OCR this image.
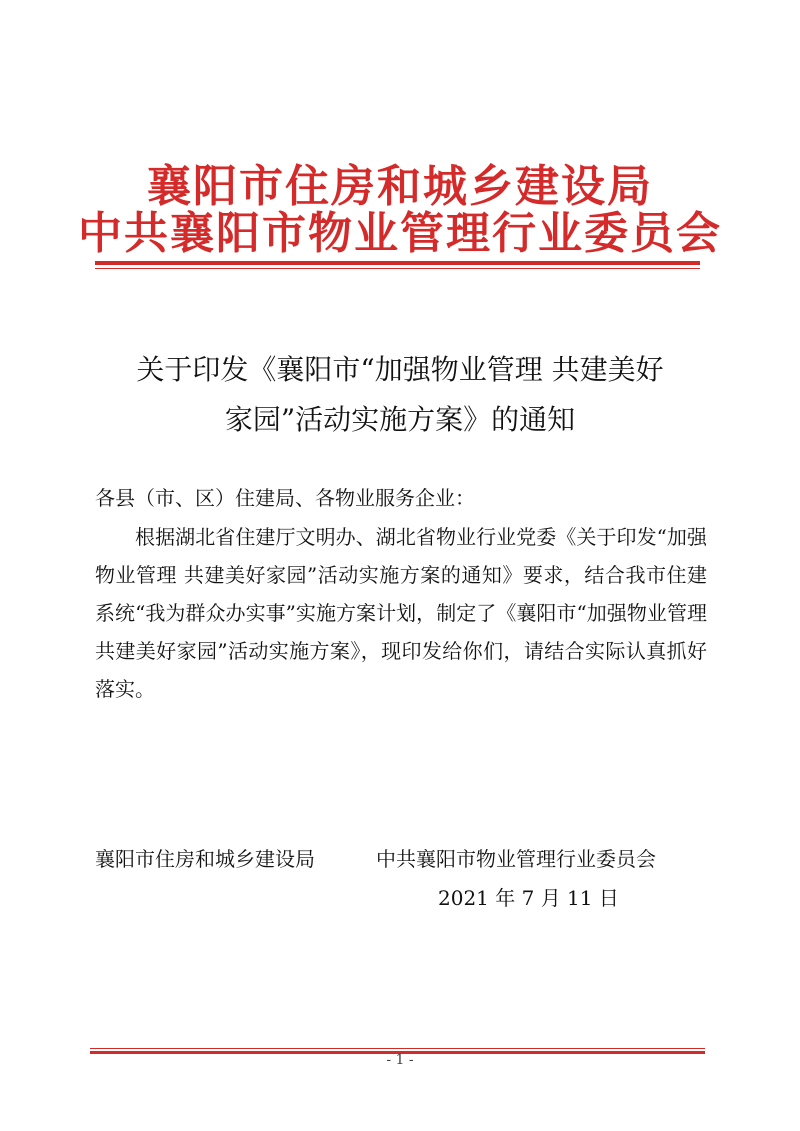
襄阳市住房和城乡建设局
中共襄阳市物业管理行业委员会
关于印发《襄阳市“加强物业管理 共建美好
家园”活动实施方案》的通知
各县（市、区）住建局、各物业服务企业：
根据湖北省住建厅文明办、湖北省物业行业党委《关于印发“加强物业管理 共建美好家园”活动实施方案的通知》要求，结合我市住建系统“我为群众办实事”实施方案计划，制定了《襄阳市“加强物业管理 共建美好家园”活动实施方案》，现印发给你们，请结合实际认真抓好落实。
襄阳市住房和城乡建设局	中共襄阳市物业管理行业委员会
2021 年 7 月 11 日
- 1 -
